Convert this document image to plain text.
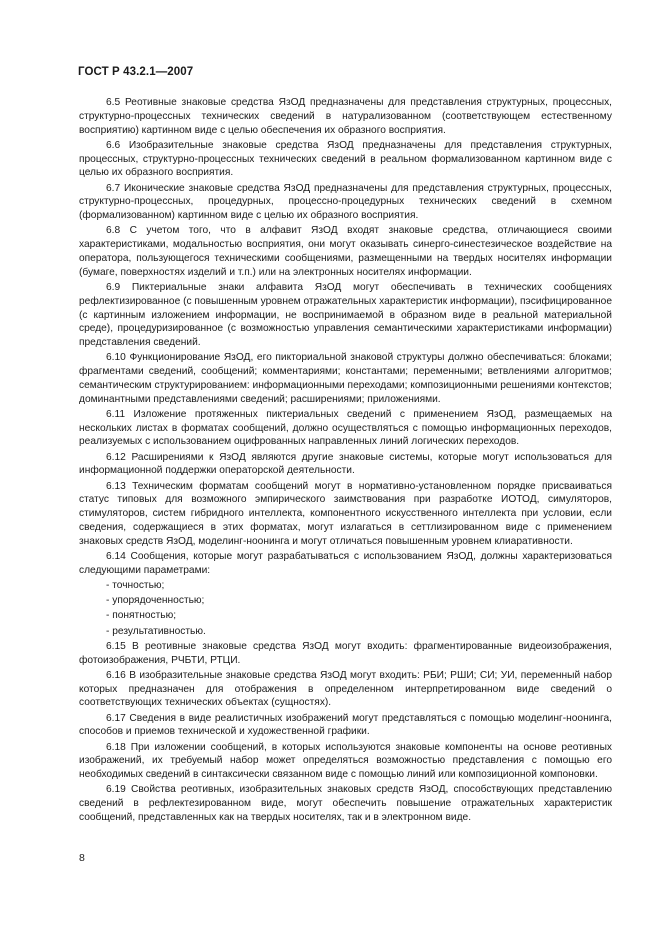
ГОСТ Р 43.2.1—2007

6.5 Реотивные знаковые средства ЯзОД предназначены для представления структурных, процессных, структурно-процессных технических сведений в натурализованном (соответствующем естественному восприятию) картинном виде с целью обеспечения их образного восприятия.

6.6 Изобразительные знаковые средства ЯзОД предназначены для представления структурных, процессных, структурно-процессных технических сведений в реальном формализованном картинном виде с целью их образного восприятия.

6.7 Иконические знаковые средства ЯзОД предназначены для представления структурных, процессных, структурно-процессных, процедурных, процессно-процедурных технических сведений в схемном (формализованном) картинном виде с целью их образного восприятия.

6.8 С учетом того, что в алфавит ЯзОД входят знаковые средства, отличающиеся своими характеристиками, модальностью восприятия, они могут оказывать синерго-синестезическое воздействие на оператора, пользующегося техническими сообщениями, размещенными на твердых носителях информации (бумаге, поверхностях изделий и т.п.) или на электронных носителях информации.

6.9 Пиктериальные знаки алфавита ЯзОД могут обеспечивать в технических сообщениях рефлектизированное (с повышенным уровнем отражательных характеристик информации), пэсифицированное (с картинным изложением информации, не воспринимаемой в образном виде в реальной материальной среде), процедуризированное (с возможностью управления семантическими характеристиками информации) представления сведений.

6.10 Функционирование ЯзОД, его пикториальной знаковой структуры должно обеспечиваться: блоками; фрагментами сведений, сообщений; комментариями; константами; переменными; ветвлениями алгоритмов; семантическим структурированием: информационными переходами; композиционными решениями контекстов; доминантными представлениями сведений; расширениями; приложениями.

6.11 Изложение протяженных пиктериальных сведений с применением ЯзОД, размещаемых на нескольких листах в форматах сообщений, должно осуществляться с помощью информационных переходов, реализуемых с использованием оцифрованных направленных линий логических переходов.

6.12 Расширениями к ЯзОД являются другие знаковые системы, которые могут использоваться для информационной поддержки операторской деятельности.

6.13 Техническим форматам сообщений могут в нормативно-установленном порядке присваиваться статус типовых для возможного эмпирического заимствования при разработке ИОТОД, симуляторов, стимуляторов, систем гибридного интеллекта, компонентного искусственного интеллекта при условии, если сведения, содержащиеся в этих форматах, могут излагаться в сеттлизированном виде с применением знаковых средств ЯзОД, моделинг-ноонинга и могут отличаться повышенным уровнем клиаративности.

6.14 Сообщения, которые могут разрабатываться с использованием ЯзОД, должны характеризоваться следующими параметрами:

- точностью;
- упорядоченностью;
- понятностью;
- результативностью.

6.15 В реотивные знаковые средства ЯзОД могут входить: фрагментированные видеоизображения, фотоизображения, РЧБТИ, РТЦИ.

6.16 В изобразительные знаковые средства ЯзОД могут входить: РБИ; РШИ; СИ; УИ, переменный набор которых предназначен для отображения в определенном интерпретированном виде сведений о соответствующих технических объектах (сущностях).

6.17 Сведения в виде реалистичных изображений могут представляться с помощью моделинг-ноонинга, способов и приемов технической и художественной графики.

6.18 При изложении сообщений, в которых используются знаковые компоненты на основе реотивных изображений, их требуемый набор может определяться возможностью представления с помощью его необходимых сведений в синтаксически связанном виде с помощью линий или композиционной компоновки.

6.19 Свойства реотивных, изобразительных знаковых средств ЯзОД, способствующих представлению сведений в рефлектезированном виде, могут обеспечить повышение отражательных характеристик сообщений, представленных как на твердых носителях, так и в электронном виде.

8
